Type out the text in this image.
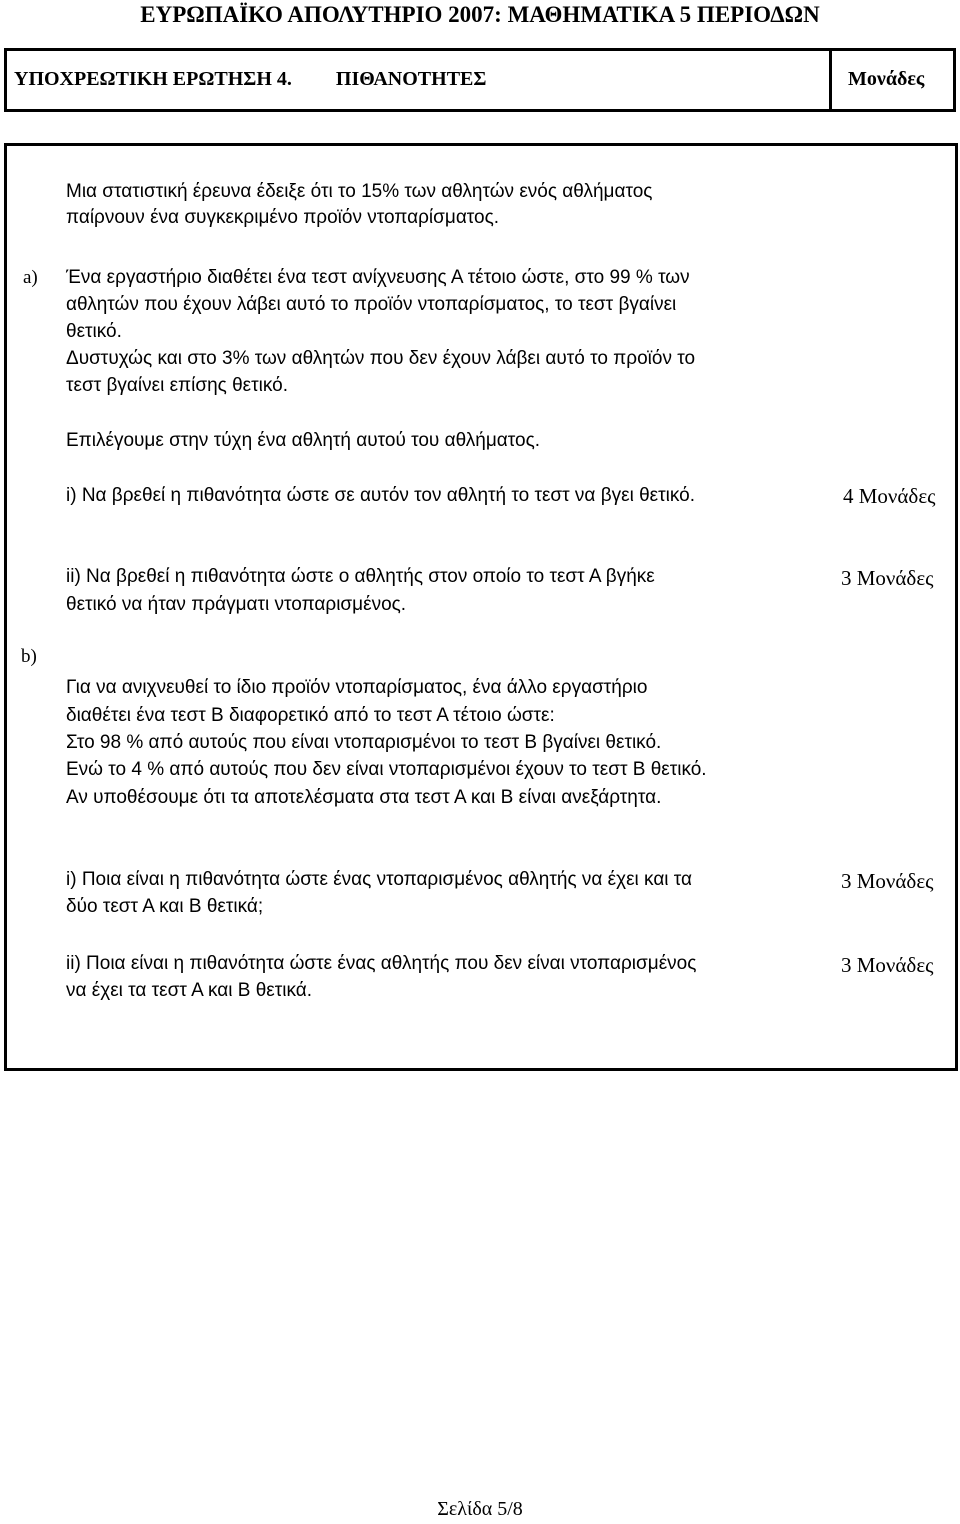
ΕΥΡΩΠΑΪΚΟ ΑΠΟΛΥΤΗΡΙΟ 2007: ΜΑΘΗΜΑΤΙΚΑ 5 ΠΕΡΙΟΔΩΝ
ΥΠΟΧΡΕΩΤΙΚΗ ΕΡΩΤΗΣΗ 4. ΠΙΘΑΝΟΤΗΤΕΣ	Μονάδες
Μια στατιστική έρευνα έδειξε ότι το 15% των αθλητών ενός αθλήματος
παίρνουν ένα συγκεκριμένο προϊόν ντοπαρίσματος.
a) Ένα εργαστήριο διαθέτει ένα τεστ ανίχνευσης Α τέτοιο ώστε, στο 99 % των
αθλητών που έχουν λάβει αυτό το προϊόν ντοπαρίσματος, το τεστ βγαίνει
θετικό.
Δυστυχώς και στο 3% των αθλητών που δεν έχουν λάβει αυτό το προϊόν το
τεστ βγαίνει επίσης θετικό.
Επιλέγουμε στην τύχη ένα αθλητή αυτού του αθλήματος.
i) Να βρεθεί η πιθανότητα ώστε σε αυτόν τον αθλητή το τεστ να βγει θετικό.	4 Μονάδες
ii) Να βρεθεί η πιθανότητα ώστε ο αθλητής στον οποίο το τεστ Α βγήκε
θετικό να ήταν πράγματι ντοπαρισμένος.
3 Μονάδες
b)
Για να ανιχνευθεί το ίδιο προϊόν ντοπαρίσματος, ένα άλλο εργαστήριο
διαθέτει ένα τεστ Β διαφορετικό από το τεστ Α τέτοιο ώστε:
Στο 98 % από αυτούς που είναι ντοπαρισμένοι το τεστ Β βγαίνει θετικό.
Ενώ το 4 % από αυτούς που δεν είναι ντοπαρισμένοι έχουν το τεστ Β θετικό.
Αν υποθέσουμε ότι τα αποτελέσματα στα τεστ Α και Β είναι ανεξάρτητα.
i) Ποια είναι η πιθανότητα ώστε ένας ντοπαρισμένος αθλητής να έχει και τα
δύο τεστ Α και Β θετικά;
3 Μονάδες
ii) Ποια είναι η πιθανότητα ώστε ένας αθλητής που δεν είναι ντοπαρισμένος
να έχει τα τεστ Α και Β θετικά.
3 Μονάδες
Σελίδα 5/8
